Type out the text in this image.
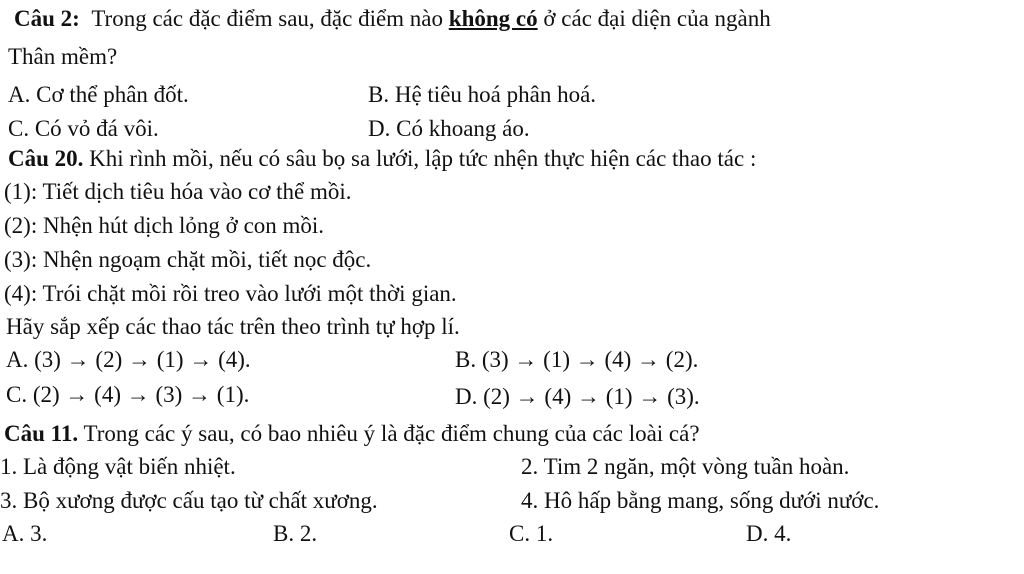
Câu 2: Trong các đặc điểm sau, đặc điểm nào không có ở các đại diện của ngành
Thân mềm?
A. Cơ thể phân đốt.	B. Hệ tiêu hoá phân hoá.
C. Có vỏ đá vôi.	D. Có khoang áo.
Câu 20. Khi rình mồi, nếu có sâu bọ sa lưới, lập tức nhện thực hiện các thao tác :
(1): Tiết dịch tiêu hóa vào cơ thể mồi.
(2): Nhện hút dịch lỏng ở con mồi.
(3): Nhện ngoạm chặt mồi, tiết nọc độc.
(4): Trói chặt mồi rồi treo vào lưới một thời gian.
Hãy sắp xếp các thao tác trên theo trình tự hợp lí.
A. (3) → (2) → (1) → (4).	B. (3) → (1) → (4) → (2).
C. (2) → (4) → (3) → (1).	D. (2) → (4) → (1) → (3).
Câu 11. Trong các ý sau, có bao nhiêu ý là đặc điểm chung của các loài cá?
1. Là động vật biến nhiệt.	2. Tim 2 ngăn, một vòng tuần hoàn.
3. Bộ xương được cấu tạo từ chất xương.	4. Hô hấp bằng mang, sống dưới nước.
A. 3.	B. 2.	C. 1.	D. 4.
